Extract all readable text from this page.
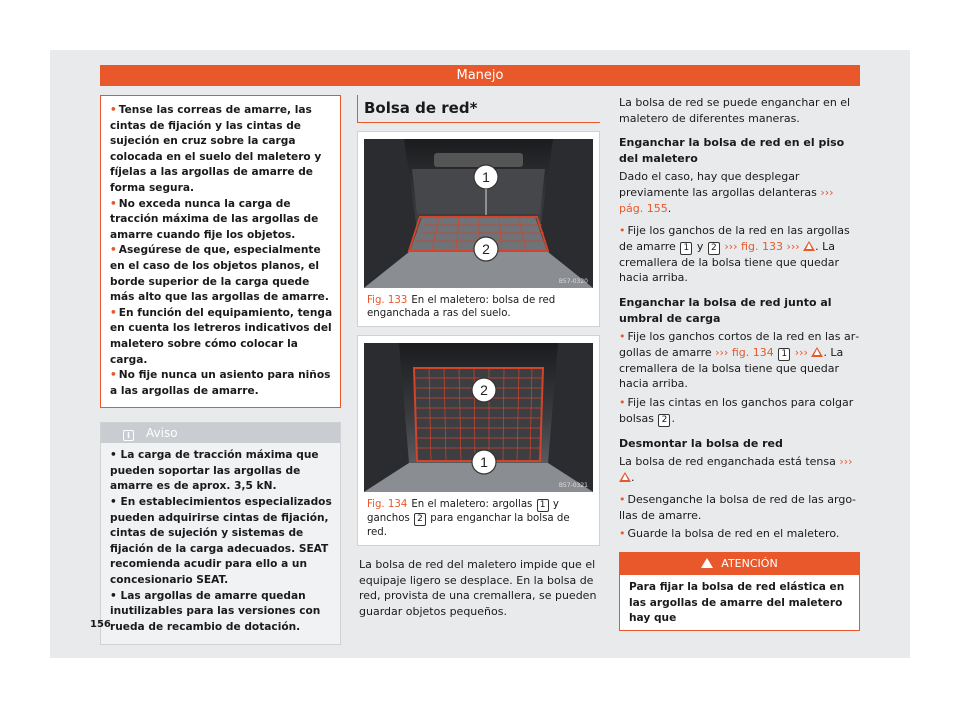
Manejo

• Tense las correas de amarre, las cintas de fijación y las cintas de sujeción en cruz sobre la carga colocada en el suelo del maletero y fíjelas a las argollas de amarre de forma segura.

• No exceda nunca la carga de tracción máxima de las argollas de amarre cuando fije los objetos.

• Asegúrese de que, especialmente en el caso de los objetos planos, el borde superior de la carga quede más alto que las argollas de amarre.

• En función del equipamiento, tenga en cuenta los letreros indicativos del maletero sobre cómo colocar la carga.

• No fije nunca un asiento para niños a las argollas de amarre.

i Aviso

• La carga de tracción máxima que pueden soportar las argollas de amarre es de aprox. 3,5 kN.

• En establecimientos especializados pueden adquirirse cintas de fijación, cintas de sujeción y sistemas de fijación de la carga adecuados. SEAT recomienda acudir para ello a un concesionario SEAT.

• Las argollas de amarre quedan inutilizables para las versiones con rueda de recambio de dotación.

156
Bolsa de red*
1
2
B57-0320

Fig. 133 En el maletero: bolsa de red enganchada a ras del suelo.

2
1
B57-0321

Fig. 134 En el maletero: argollas 1 y ganchos 2 para enganchar la bolsa de red.

La bolsa de red del maletero impide que el equipaje ligero se desplace. En la bolsa de red, provista de una cremallera, se pueden guardar objetos pequeños.

La bolsa de red se puede enganchar en el maletero de diferentes maneras.

Enganchar la bolsa de red en el piso del maletero

Dado el caso, hay que desplegar previamente las argollas delanteras ››› pág. 155.

• Fije los ganchos de la red en las argollas de amarre 1 y 2 ››› fig. 133 ››› . La cremallera de la bolsa tiene que quedar hacia arriba.

Enganchar la bolsa de red junto al umbral de carga

• Fije los ganchos cortos de la red en las argollas de amarre ››› fig. 134 1 ››› . La cremallera de la bolsa tiene que quedar hacia arriba.

• Fije las cintas en los ganchos para colgar bolsas 2 .

Desmontar la bolsa de red

La bolsa de red enganchada está tensa ››› .

• Desenganche la bolsa de red de las argollas de amarre.

• Guarde la bolsa de red en el maletero.

ATENCIÓN

Para fijar la bolsa de red elástica en las argollas de amarre del maletero hay que
